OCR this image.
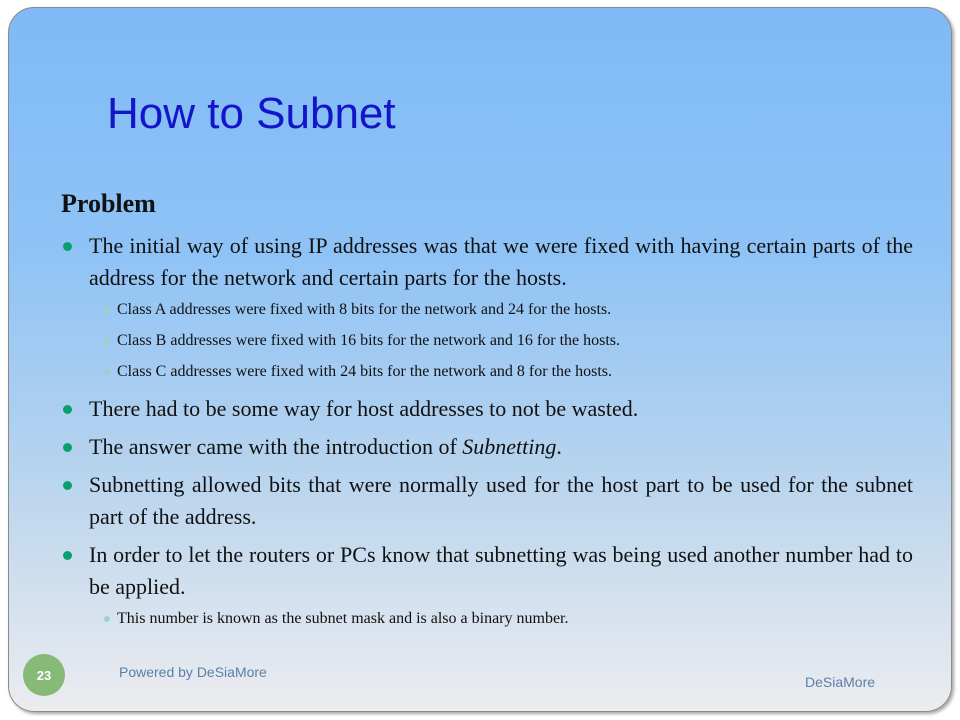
How to Subnet
Problem
The initial way of using IP addresses was that we were fixed with having certain parts of the address for the network and certain parts for the hosts.
Class A addresses were fixed with 8 bits for the network and 24 for the hosts.
Class B addresses were fixed with 16 bits for the network and 16 for the hosts.
Class C addresses were fixed with 24 bits for the network and 8 for the hosts.
There had to be some way for host addresses to not be wasted.
The answer came with the introduction of Subnetting.
Subnetting allowed bits that were normally used for the host part to be used for the subnet part of the address.
In order to let the routers or PCs know that subnetting was being used another number had to be applied.
This number is known as the subnet mask and is also a binary number.
Powered by DeSiaMore
DeSiaMore
23
